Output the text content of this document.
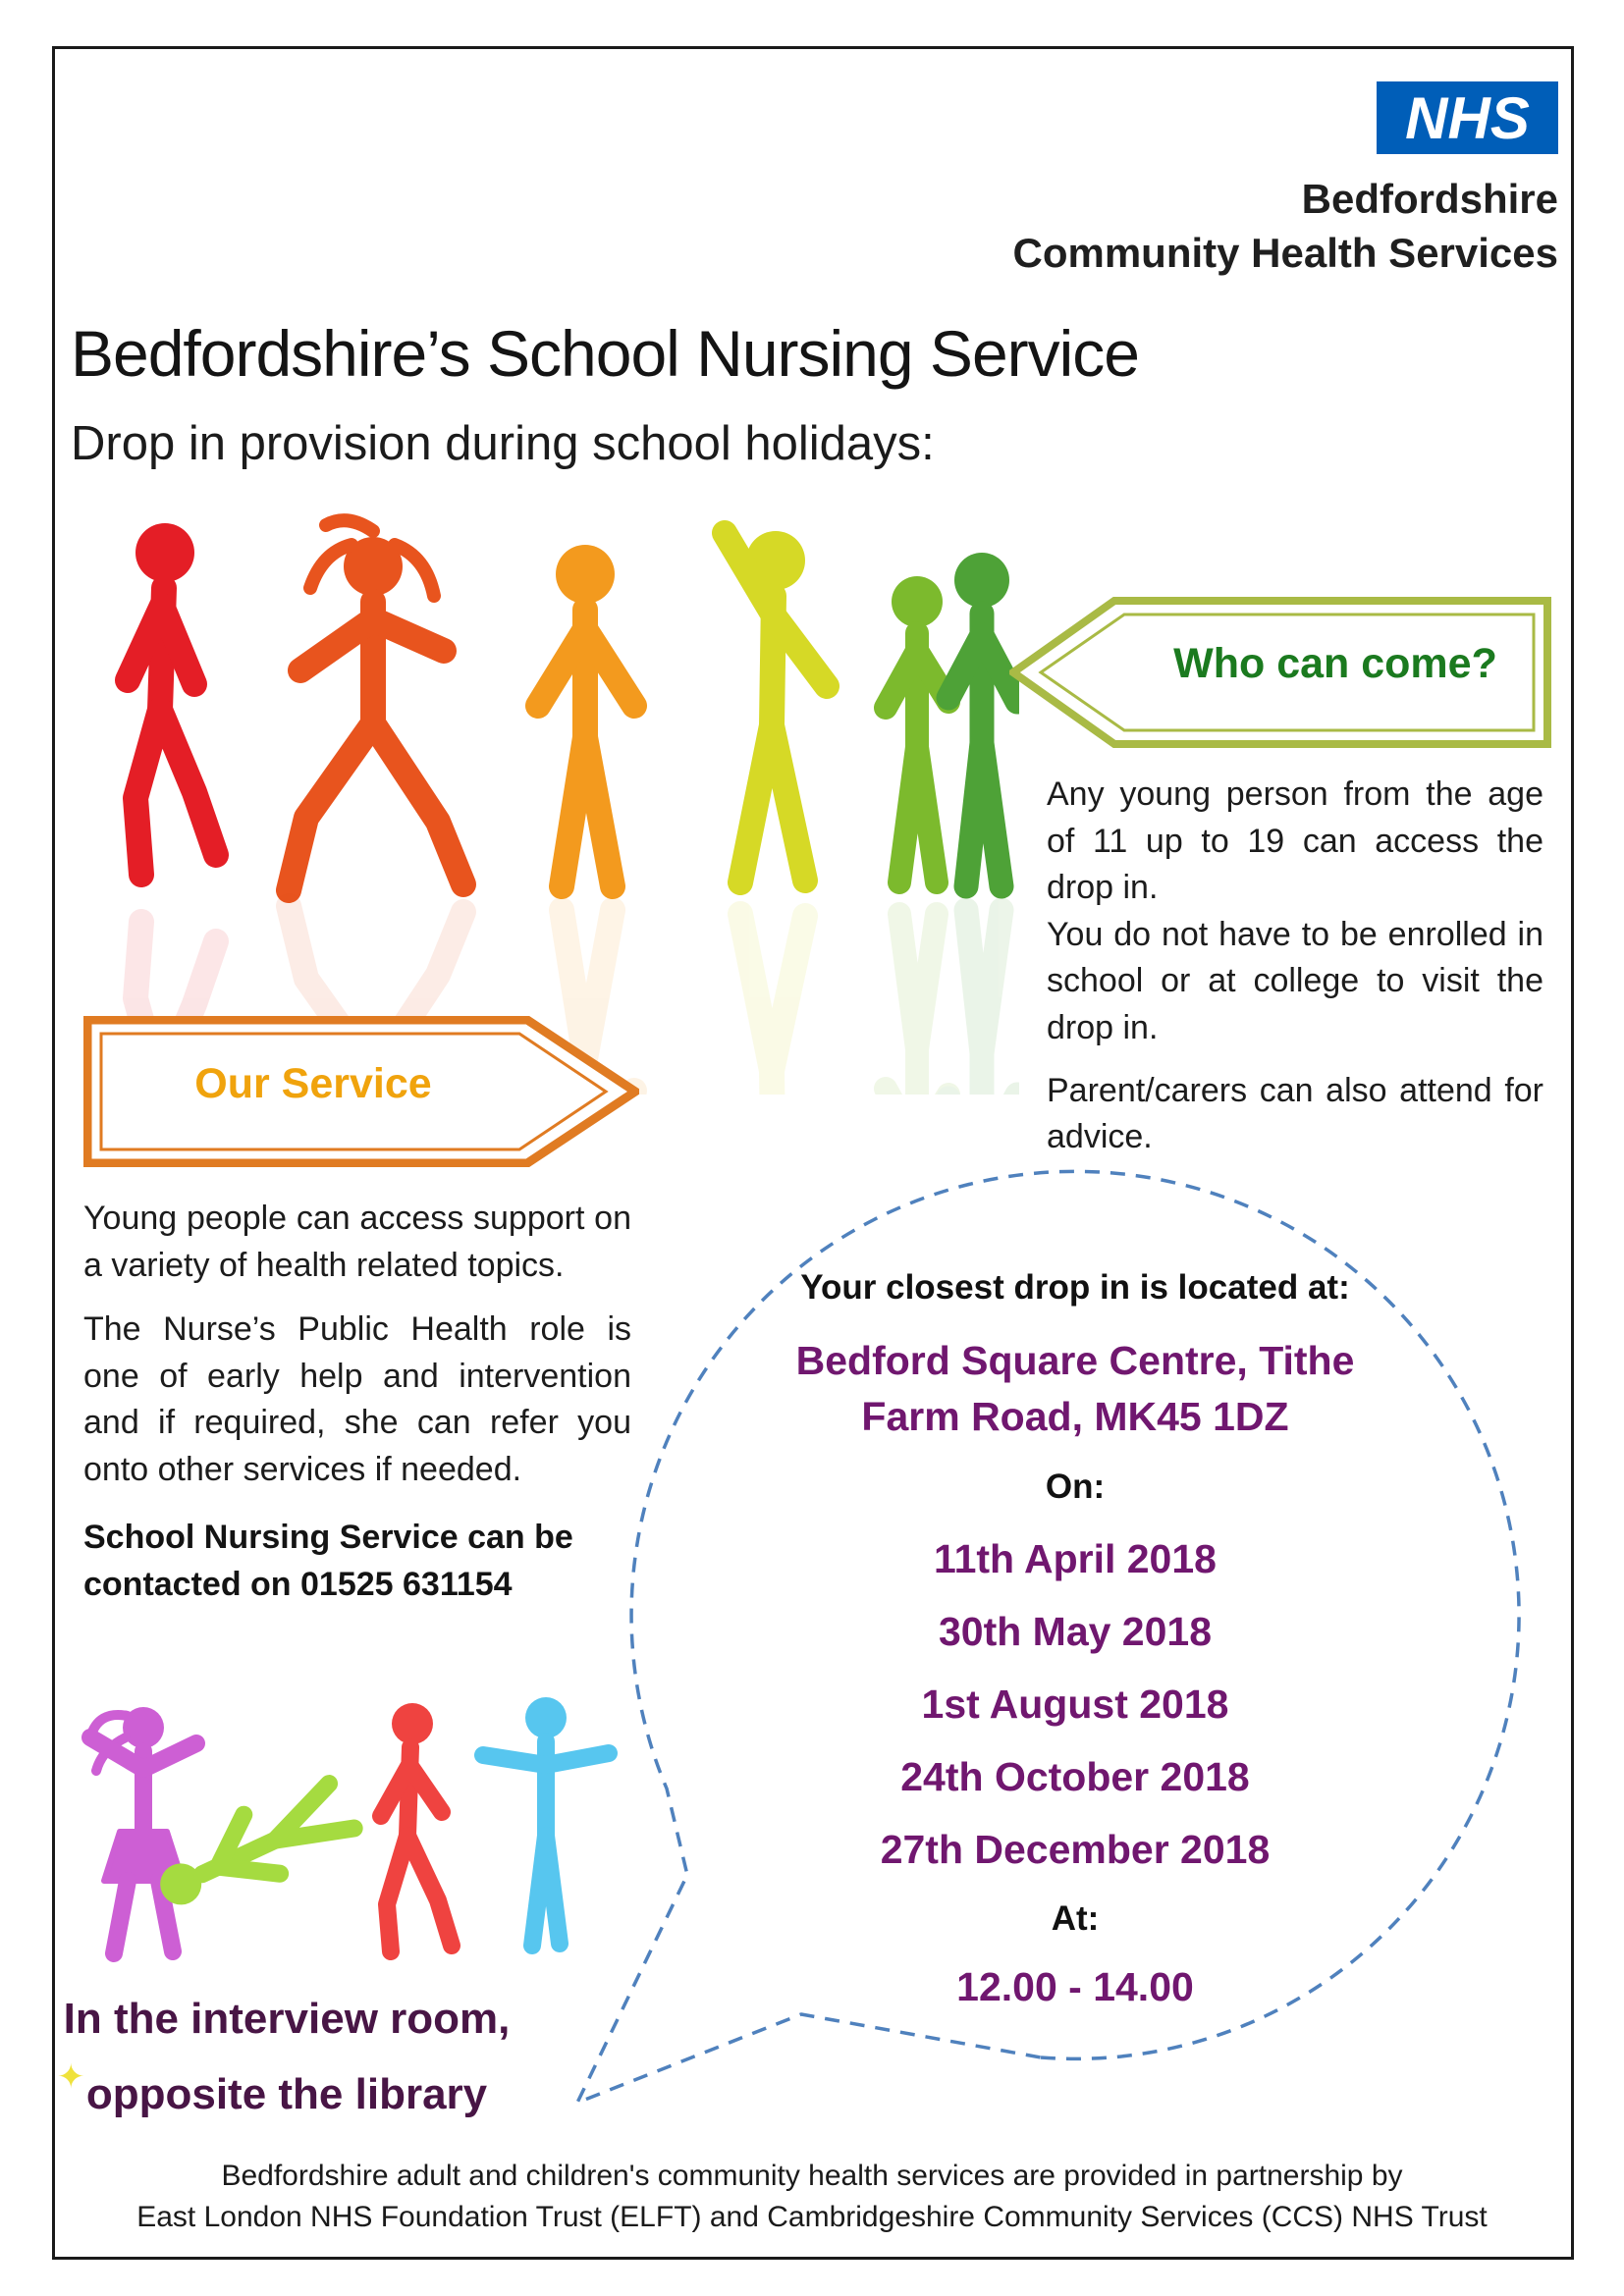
NHS
Bedfordshire
Community Health Services
Bedfordshire’s School Nursing Service
Drop in provision during school holidays:
Who can come?

Any young person from the age of 11 up to 19 can access the drop in.

You do not have to be enrolled in school or at college to visit the drop in.

Parent/carers can also attend for advice.

Our Service

Young people can access support on a variety of health related topics.

The Nurse’s Public Health role is one of early help and intervention and if required, she can refer you onto other services if needed.

School Nursing Service can be contacted on 01525 631154
Your closest drop in is located at:
Bedford Square Centre, Tithe Farm Road, MK45 1DZ
On:
11th April 2018
30th May 2018
1st August 2018
24th October 2018
27th December 2018
At:
12.00 - 14.00
In the interview room, opposite the library
✦
Bedfordshire adult and children's community health services are provided in partnership by
East London NHS Foundation Trust (ELFT) and Cambridgeshire Community Services (CCS) NHS Trust
